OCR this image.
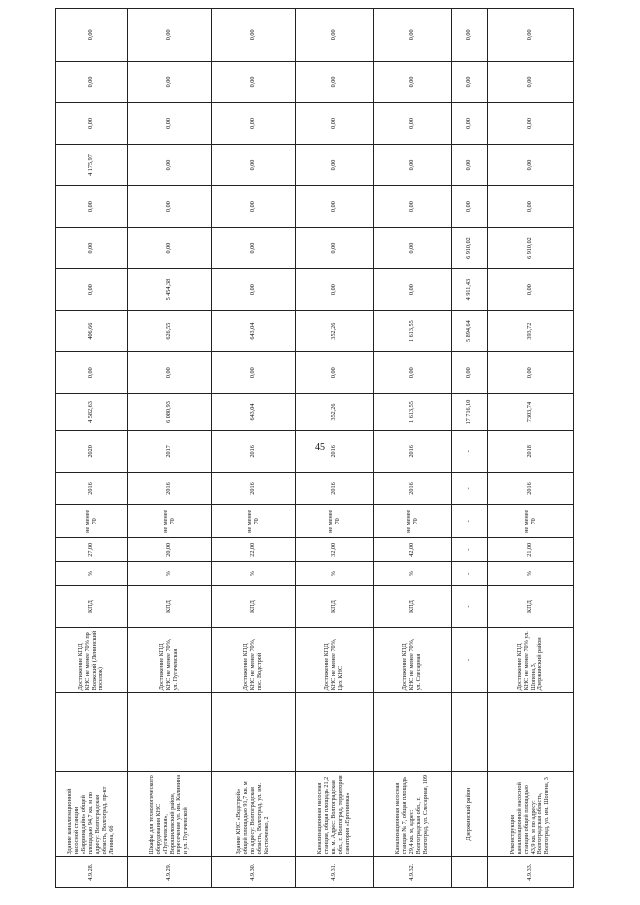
45
4.9.28.	Здание канализационной насосной станции «Барринадайн» общей площадью 94,7 кв. м по адресу: Волгоградская область, Волгоград, пр-кт Ленина, 6б		Достижение КПД КНС не менее 70% пр Волжский (Ленинский поселок)	КПД	%	27,00	не менее 70	2016	2020	4 582,63	0,00	406,66	0,00	0,00	0,00	4 175,97	0,00	0,00	0,00
4.9.29.	Шкафы для технологического оборудования КНС «Пугачевская», Ворошиловский район, пересечение ул. им. Калинина и ул. Пугачевской		Достижение КПД КНС не менее 70%, ул. Пугачевская	КПД	%	20,00	не менее 70	2016	2017	6 080,93	0,00	626,55	5 454,38	0,00	0,00	0,00	0,00	0,00	0,00
4.9.30.	Здание КНС «Водстрой» общей площадью 91,7 кв. м по адресу: Волгоградская область, Волгоград, ул. им. Костюченко, 2		Достижение КПД КНС не менее 70%, пос. Водстрой	КПД	%	22,00	не менее 70	2016	2016	643,04	0,00	643,04	0,00	0,00	0,00	0,00	0,00	0,00	0,00
4.9.31.	Канализационная насосная станция, общая площадь 21,2 кв. м. Адрес: Волгоградская обл., г. Волгоград, территория санатория «Ергенинка»		Достижение КПД КНС не менее 70%, Цех КНС	КПД	%	32,00	не менее 70	2016	2016	352,26	0,00	352,26	0,00	0,00	0,00	0,00	0,00	0,00	0,00
4.9.32.	Канализационная насосная станция № 7, общая площадь 29,4 кв. м, адрес: Волгоградская обл., г. Волгоград, ул. Слесарная, 109		Достижение КПД КНС не менее 70%, ул. Слесарная	КПД	%	42,00	не менее 70	2016	2016	1 613,55	0,00	1 613,55	0,00	0,00	0,00	0,00	0,00	0,00	0,00
	Дзержинский район		-	-	-	-	-	-	-	17 716,10	0,00	5 894,64	4 911,43	6 910,02	0,00	0,00	0,00	0,00	0,00
4.9.33.	Реконструкция канализационной насосной станции общей площадью 43,9 кв. м по адресу: Волгоградская область, Волгоград, ул. им. Шопена, 3		Достижение КПД КНС не менее 70% ул. Шопена,3, Дзержинский район	КПД	%	21,00	не менее 70	2016	2018	7303,74	0,00	393,72	0,00	6 910,02	0,00	0,00	0,00	0,00	0,00
